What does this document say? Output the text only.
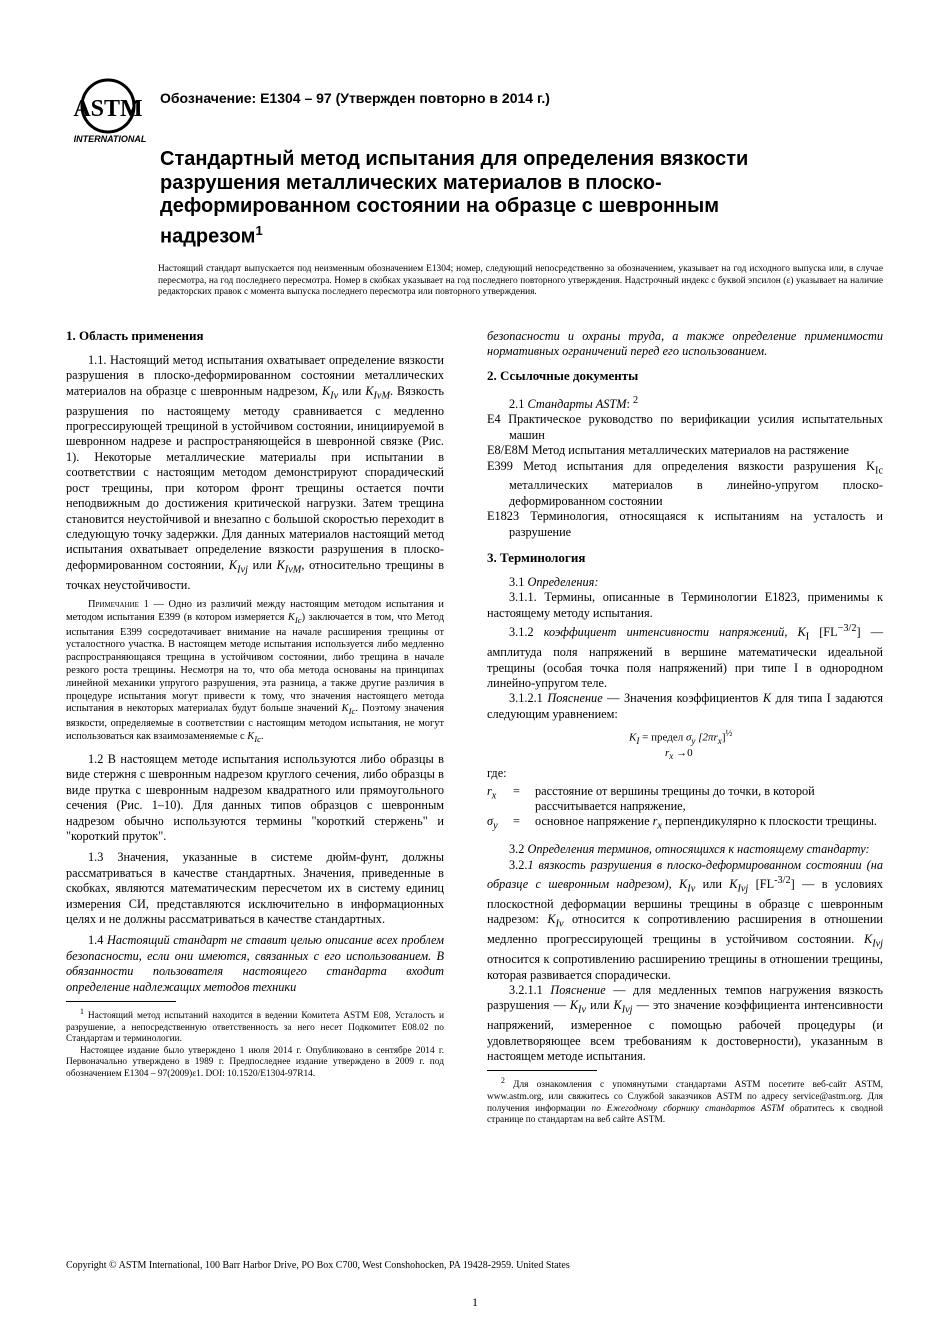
ASTM
INTERNATIONAL
Обозначение: E1304 – 97 (Утвержден повторно в 2014 г.)
Стандартный метод испытания для определения вязкости разрушения металлических материалов в плоско-деформированном состоянии на образце с шевронным надрезом$^1$
Настоящий стандарт выпускается под неизменным обозначением E1304; номер, следующий непосредственно за обозначением, указывает на год исходного выпуска или, в случае пересмотра, на год последнего пересмотра. Номер в скобках указывает на год последнего повторного утверждения. Надстрочный индекс с буквой эпсилон (ε) указывает на наличие редакторских правок с момента выпуска последнего пересмотра или повторного утверждения.
1. Область применения

1.1. Настоящий метод испытания охватывает определение вязкости разрушения в плоско-деформированном состоянии металлических материалов на образце с шевронным надрезом, $K_{Iv}$ или $K_{IvM}$. Вязкость разрушения по настоящему методу сравнивается с медленно прогрессирующей трещиной в устойчивом состоянии, инициируемой в шевронном надрезе и распространяющейся в шевронной связке (Рис. 1). Некоторые металлические материалы при испытании в соответствии с настоящим методом демонстрируют спорадический рост трещины, при котором фронт трещины остается почти неподвижным до достижения критической нагрузки. Затем трещина становится неустойчивой и внезапно с большой скоростью переходит в следующую точку задержки. Для данных материалов настоящий метод испытания охватывает определение вязкости разрушения в плоско-деформированном состоянии, $K_{Ivj}$ или $K_{IvM}$, относительно трещины в точках неустойчивости.

Примечание 1 — Одно из различий между настоящим методом испытания и методом испытания E399 (в котором измеряется $K_{Ic}$) заключается в том, что Метод испытания E399 сосредотачивает внимание на начале расширения трещины от усталостного участка. В настоящем методе испытания используется либо медленно распространяющаяся трещина в устойчивом состоянии, либо трещина в начале резкого роста трещины. Несмотря на то, что оба метода основаны на принципах линейной механики упругого разрушения, эта разница, а также другие различия в процедуре испытания могут привести к тому, что значения настоящего метода испытания в некоторых материалах будут больше значений $K_{Ic}$. Поэтому значения вязкости, определяемые в соответствии с настоящим методом испытания, не могут использоваться как взаимозаменяемые с $K_{Ic}$.

1.2 В настоящем методе испытания используются либо образцы в виде стержня с шевронным надрезом круглого сечения, либо образцы в виде прутка с шевронным надрезом квадратного или прямоугольного сечения (Рис. 1–10). Для данных типов образцов с шевронным надрезом обычно используются термины "короткий стержень" и "короткий пруток".

1.3 Значения, указанные в системе дюйм-фунт, должны рассматриваться в качестве стандартных. Значения, приведенные в скобках, являются математическим пересчетом их в систему единиц измерения СИ, представляются исключительно в информационных целях и не должны рассматриваться в качестве стандартных.

1.4 Настоящий стандарт не ставит целью описание всех проблем безопасности, если они имеются, связанных с его использованием. В обязанности пользователя настоящего стандарта входит определение надлежащих методов техники

$^1$ Настоящий метод испытаний находится в ведении Комитета ASTM E08, Усталость и разрушение, а непосредственную ответственность за него несет Подкомитет E08.02 по Стандартам и терминологии.

Настоящее издание было утверждено 1 июля 2014 г. Опубликовано в сентябре 2014 г. Первоначально утверждено в 1989 г. Предпоследнее издание утверждено в 2009 г. под обозначением E1304 – 97(2009)ε1. DOI: 10.1520/E1304-97R14.

безопасности и охраны труда, а также определение применимости нормативных ограничений перед его использованием.

2. Ссылочные документы

2.1 Стандарты ASTM: $^2$

E4 Практическое руководство по верификации усилия испытательных машин

E8/E8M Метод испытания металлических материалов на растяжение

E399 Метод испытания для определения вязкости разрушения $K_{Ic}$ металлических материалов в линейно-упругом плоско-деформированном состоянии

E1823 Терминология, относящаяся к испытаниям на усталость и разрушение

3. Терминология

3.1 Определения:

3.1.1. Термины, описанные в Терминологии E1823, применимы к настоящему методу испытания.

3.1.2 коэффициент интенсивности напряжений, $K_I$ $[FL^{-3/2}]$ — амплитуда поля напряжений в вершине математически идеальной трещины (особая точка поля напряжений) при типе I в однородном линейно-упругом теле.

3.1.2.1 Пояснение — Значения коэффициентов K для типа I задаются следующим уравнением:

$K_I$ = предел $\sigma_y$ $[2\pi r_x]^{\frac{1}{2}}$
$r_x \to 0$

где:

$r_x$	=	расстояние от вершины трещины до точки, в которой рассчитывается напряжение,
$\sigma_y$	=	основное напряжение $r_x$ перпендикулярно к плоскости трещины.

3.2 Определения терминов, относящихся к настоящему стандарту:

3.2.1 вязкость разрушения в плоско-деформированном состоянии (на образце с шевронным надрезом), $K_{Iv}$ или $K_{Ivj}$ $[FL^{-3/2}]$ — в условиях плоскостной деформации вершины трещины в образце с шевронным надрезом: $K_{Iv}$ относится к сопротивлению расширения в отношении медленно прогрессирующей трещины в устойчивом состоянии. $K_{Ivj}$ относится к сопротивлению расширению трещины в отношении трещины, которая развивается спорадически.

3.2.1.1 Пояснение — для медленных темпов нагружения вязкость разрушения — $K_{Iv}$ или $K_{Ivj}$ — это значение коэффициента интенсивности напряжений, измеренное с помощью рабочей процедуры (и удовлетворяющее всем требованиям к достоверности), указанным в настоящем методе испытания.

$^2$ Для ознакомления с упомянутыми стандартами ASTM посетите веб-сайт ASTM, www.astm.org, или свяжитесь со Службой заказчиков ASTM по адресу service@astm.org. Для получения информации по Ежегодному сборнику стандартов ASTM обратитесь к сводной странице по стандартам на веб сайте ASTM.

Copyright © ASTM International, 100 Barr Harbor Drive, PO Box C700, West Conshohocken, PA 19428-2959. United States
1
